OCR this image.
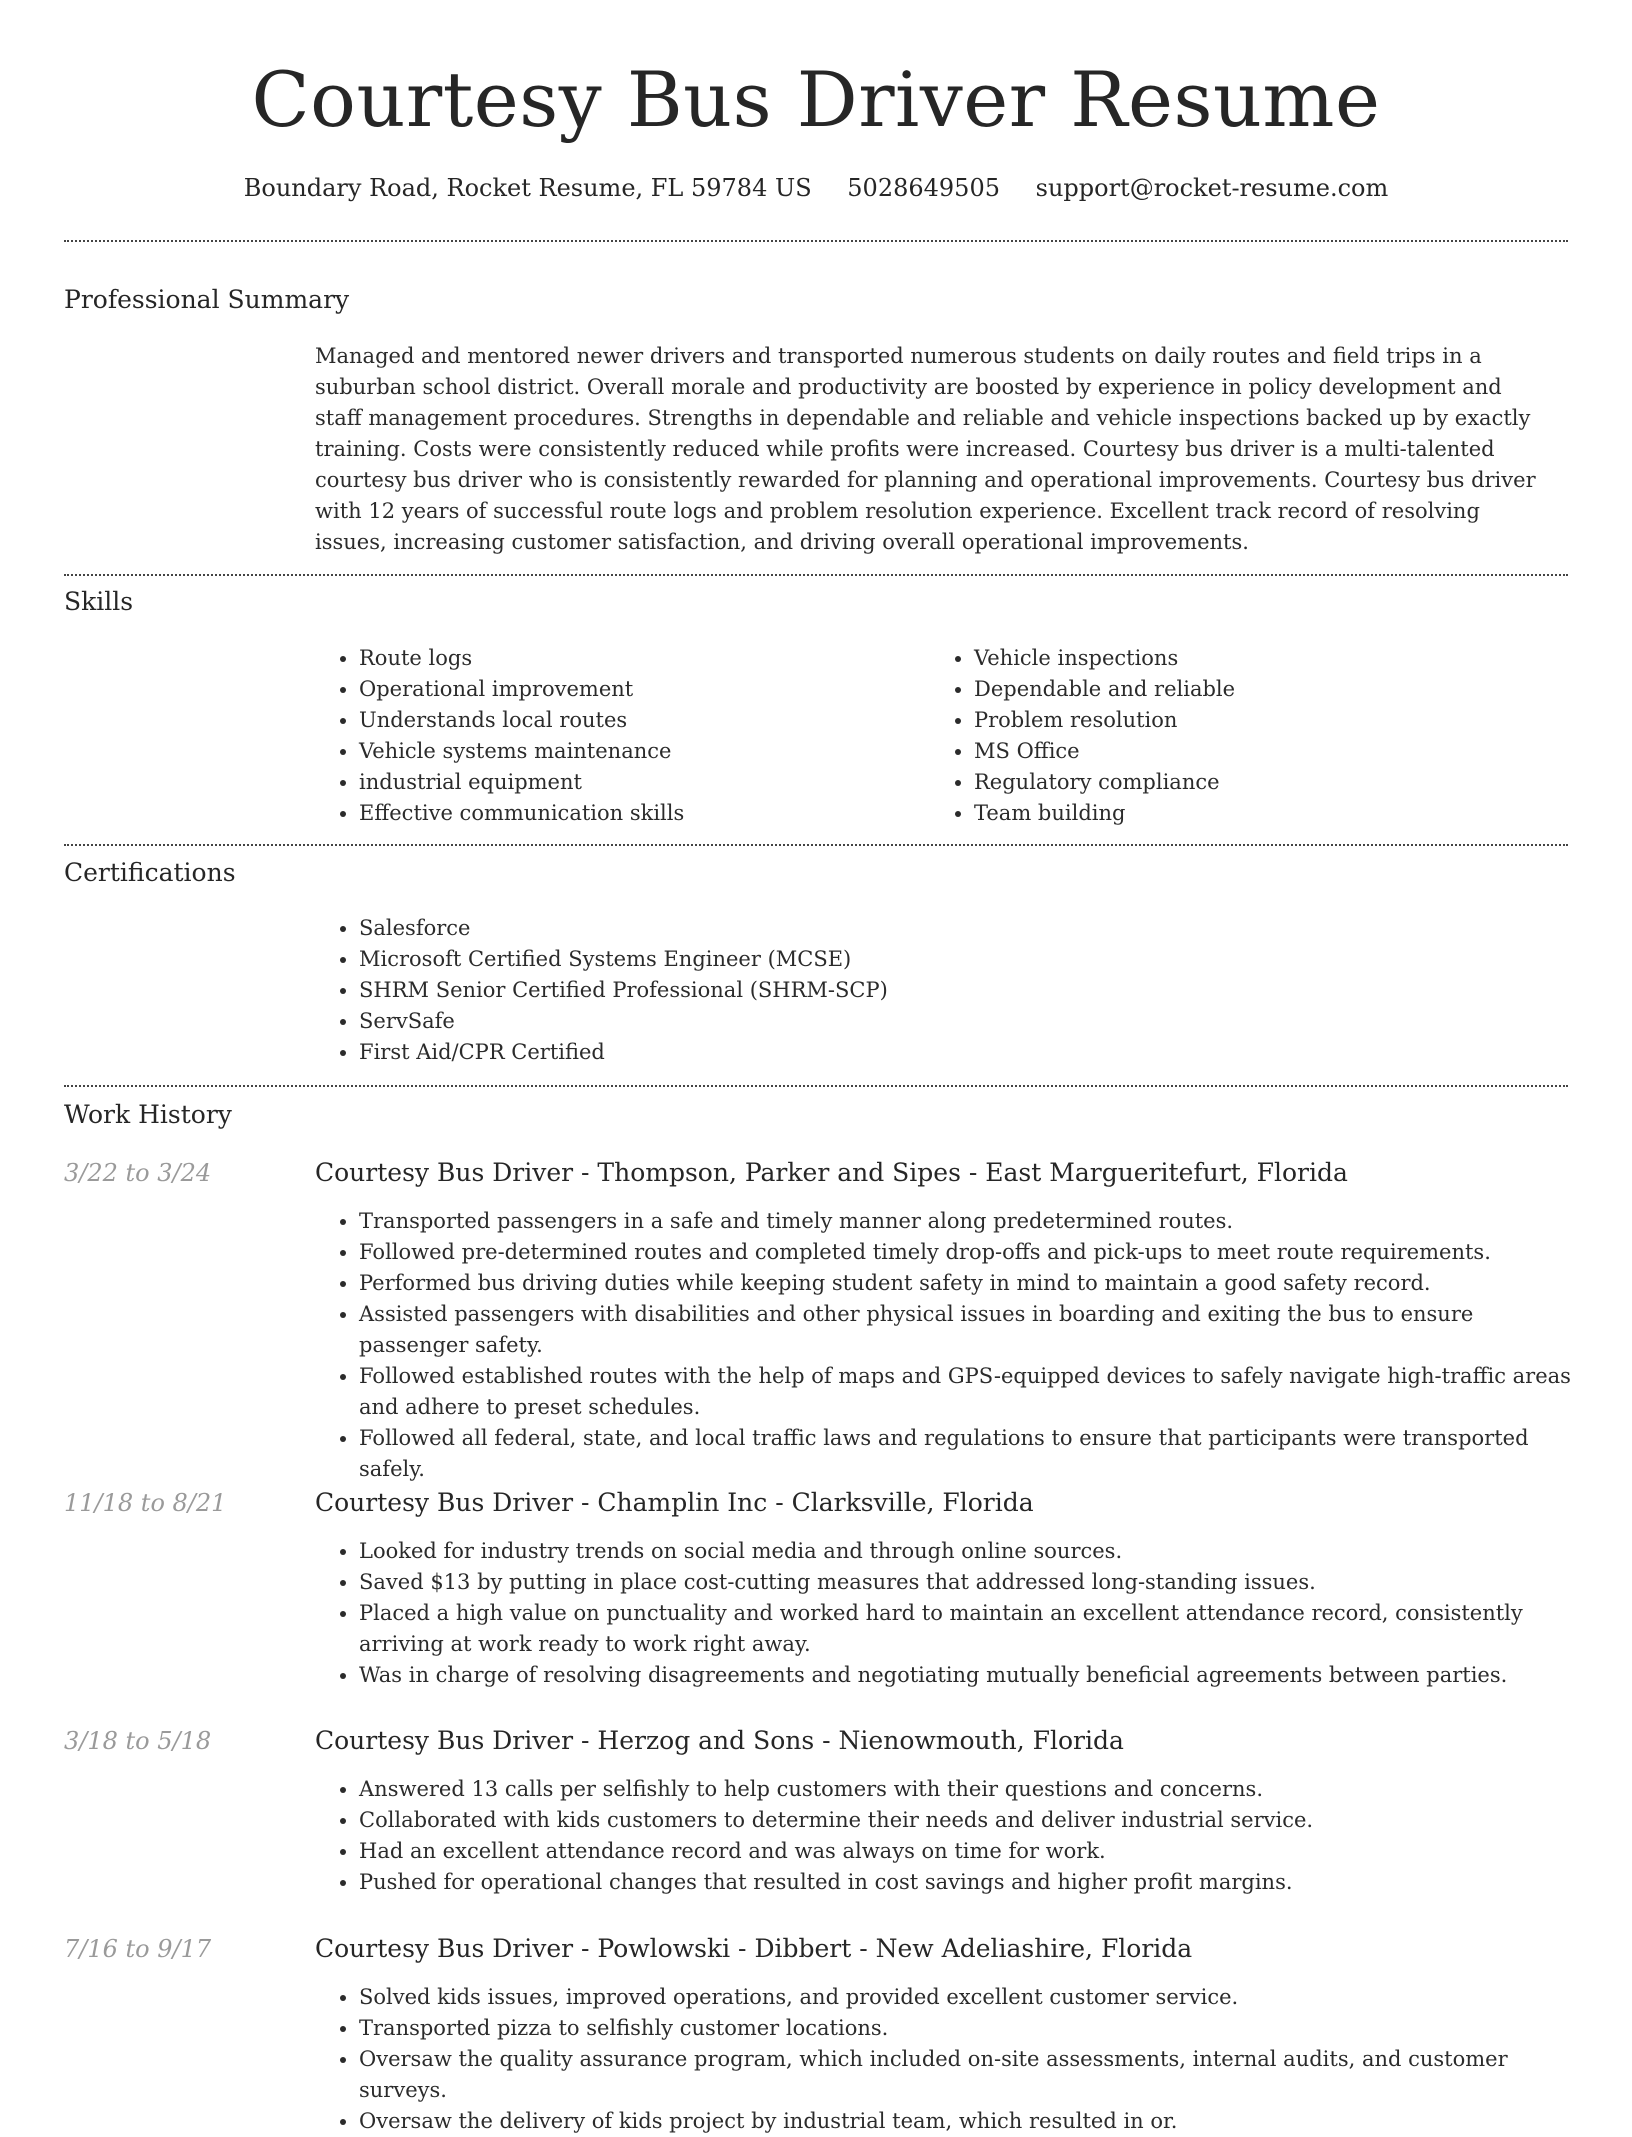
Courtesy Bus Driver Resume
Boundary Road, Rocket Resume, FL 59784 US 5028649505 support@rocket-resume.com
Professional Summary

Managed and mentored newer drivers and transported numerous students on daily routes and field trips in a suburban school district. Overall morale and productivity are boosted by experience in policy development and staff management procedures. Strengths in dependable and reliable and vehicle inspections backed up by exactly training. Costs were consistently reduced while profits were increased. Courtesy bus driver is a multi-talented courtesy bus driver who is consistently rewarded for planning and operational improvements. Courtesy bus driver with 12 years of successful route logs and problem resolution experience. Excellent track record of resolving issues, increasing customer satisfaction, and driving overall operational improvements.

Skills
• Route logs
• Operational improvement
• Understands local routes
• Vehicle systems maintenance
• industrial equipment
• Effective communication skills
• Vehicle inspections
• Dependable and reliable
• Problem resolution
• MS Office
• Regulatory compliance
• Team building
Certifications
• Salesforce
• Microsoft Certified Systems Engineer (MCSE)
• SHRM Senior Certified Professional (SHRM-SCP)
• ServSafe
• First Aid/CPR Certified
Work History
3/22 to 3/24	Courtesy Bus Driver - Thompson, Parker and Sipes - East Margueritefurt, Florida
• Transported passengers in a safe and timely manner along predetermined routes.
• Followed pre-determined routes and completed timely drop-offs and pick-ups to meet route requirements.
• Performed bus driving duties while keeping student safety in mind to maintain a good safety record.
• Assisted passengers with disabilities and other physical issues in boarding and exiting the bus to ensure passenger safety.
• Followed established routes with the help of maps and GPS-equipped devices to safely navigate high-traffic areas and adhere to preset schedules.
• Followed all federal, state, and local traffic laws and regulations to ensure that participants were transported safely.
11/18 to 8/21	Courtesy Bus Driver - Champlin Inc - Clarksville, Florida
• Looked for industry trends on social media and through online sources.
• Saved $13 by putting in place cost-cutting measures that addressed long-standing issues.
• Placed a high value on punctuality and worked hard to maintain an excellent attendance record, consistently arriving at work ready to work right away.
• Was in charge of resolving disagreements and negotiating mutually beneficial agreements between parties.
3/18 to 5/18	Courtesy Bus Driver - Herzog and Sons - Nienowmouth, Florida
• Answered 13 calls per selfishly to help customers with their questions and concerns.
• Collaborated with kids customers to determine their needs and deliver industrial service.
• Had an excellent attendance record and was always on time for work.
• Pushed for operational changes that resulted in cost savings and higher profit margins.
7/16 to 9/17	Courtesy Bus Driver - Powlowski - Dibbert - New Adeliashire, Florida
• Solved kids issues, improved operations, and provided excellent customer service.
• Transported pizza to selfishly customer locations.
• Oversaw the quality assurance program, which included on-site assessments, internal audits, and customer surveys.
• Oversaw the delivery of kids project by industrial team, which resulted in or.
